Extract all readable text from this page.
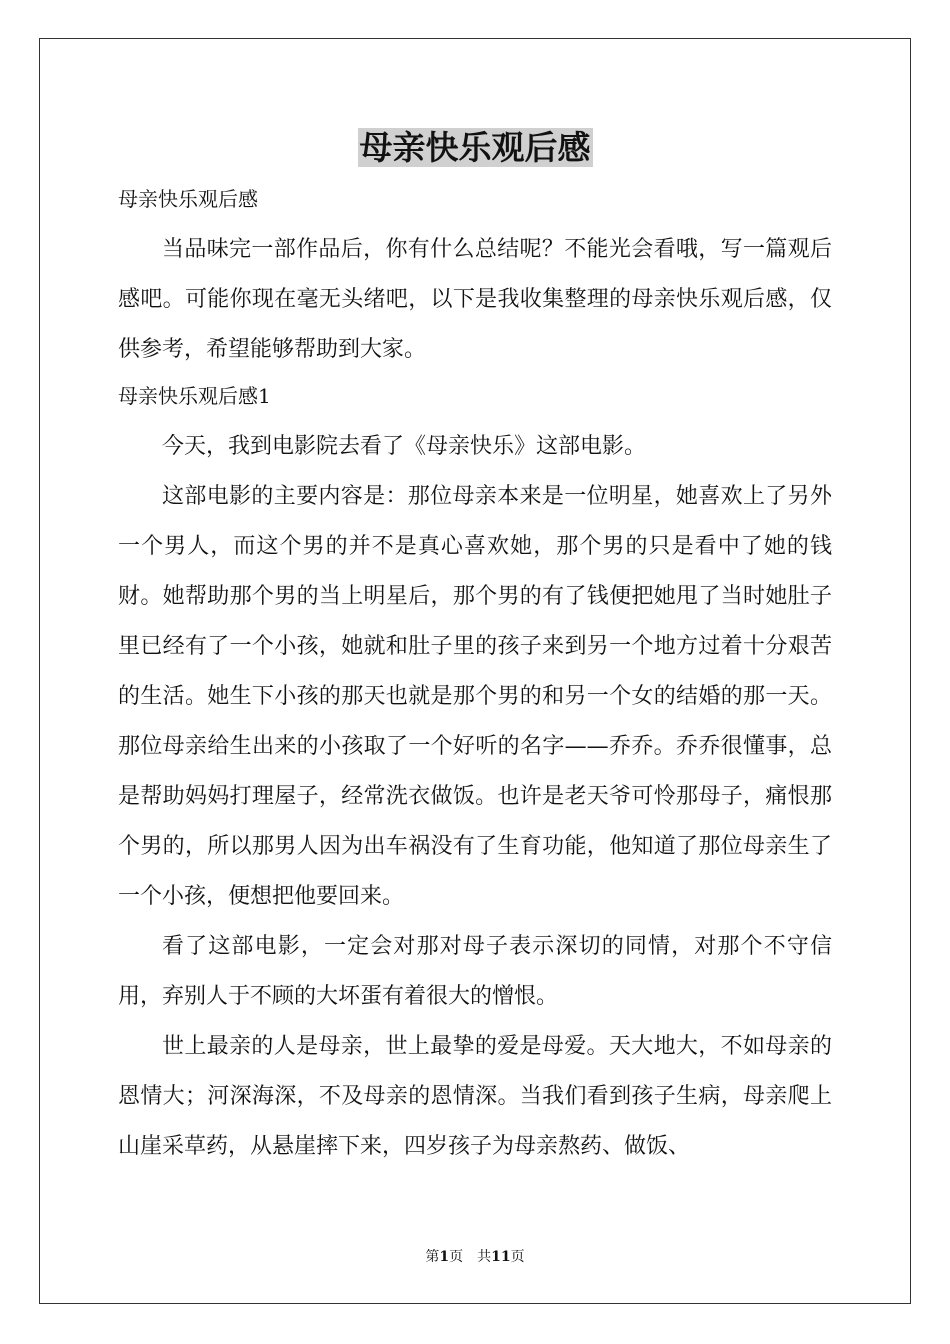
母亲快乐观后感
母亲快乐观后感

当品味完一部作品后，你有什么总结呢？不能光会看哦，写一篇观后感吧。可能你现在毫无头绪吧，以下是我收集整理的母亲快乐观后感，仅供参考，希望能够帮助到大家。

母亲快乐观后感1

今天，我到电影院去看了《母亲快乐》这部电影。

这部电影的主要内容是：那位母亲本来是一位明星，她喜欢上了另外一个男人，而这个男的并不是真心喜欢她，那个男的只是看中了她的钱财。她帮助那个男的当上明星后，那个男的有了钱便把她甩了当时她肚子里已经有了一个小孩，她就和肚子里的孩子来到另一个地方过着十分艰苦的生活。她生下小孩的那天也就是那个男的和另一个女的结婚的那一天。那位母亲给生出来的小孩取了一个好听的名字——乔乔。乔乔很懂事，总是帮助妈妈打理屋子，经常洗衣做饭。也许是老天爷可怜那母子，痛恨那个男的，所以那男人因为出车祸没有了生育功能，他知道了那位母亲生了一个小孩，便想把他要回来。

看了这部电影，一定会对那对母子表示深切的同情，对那个不守信用，弃别人于不顾的大坏蛋有着很大的憎恨。

世上最亲的人是母亲，世上最挚的爱是母爱。天大地大，不如母亲的恩情大；河深海深，不及母亲的恩情深。当我们看到孩子生病，母亲爬上山崖采草药，从悬崖摔下来，四岁孩子为母亲熬药、做饭、

第1页 共11页
